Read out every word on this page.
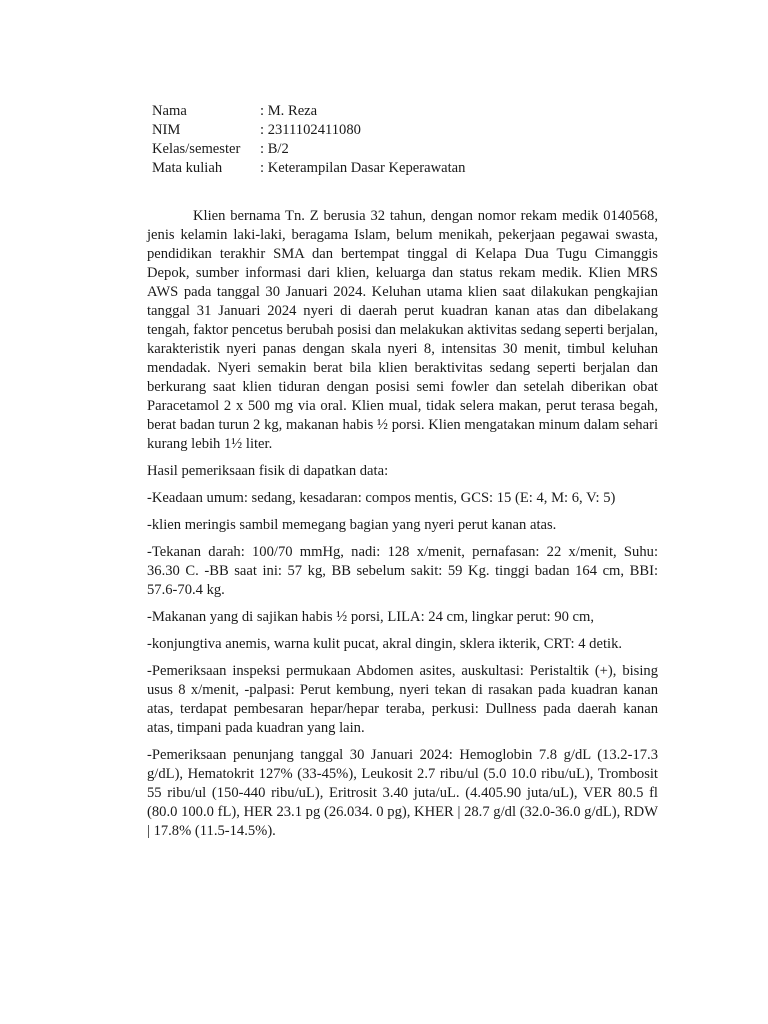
Nama	: M. Reza
NIM	: 2311102411080
Kelas/semester	: B/2
Mata kuliah	: Keterampilan Dasar Keperawatan

Klien bernama Tn. Z berusia 32 tahun, dengan nomor rekam medik 0140568, jenis kelamin laki-laki, beragama Islam, belum menikah, pekerjaan pegawai swasta, pendidikan terakhir SMA dan bertempat tinggal di Kelapa Dua Tugu Cimanggis Depok, sumber informasi dari klien, keluarga dan status rekam medik. Klien MRS AWS pada tanggal 30 Januari 2024. Keluhan utama klien saat dilakukan pengkajian tanggal 31 Januari 2024 nyeri di daerah perut kuadran kanan atas dan dibelakang tengah, faktor pencetus berubah posisi dan melakukan aktivitas sedang seperti berjalan, karakteristik nyeri panas dengan skala nyeri 8, intensitas 30 menit, timbul keluhan mendadak. Nyeri semakin berat bila klien beraktivitas sedang seperti berjalan dan berkurang saat klien tiduran dengan posisi semi fowler dan setelah diberikan obat Paracetamol 2 x 500 mg via oral. Klien mual, tidak selera makan, perut terasa begah, berat badan turun 2 kg, makanan habis ½ porsi. Klien mengatakan minum dalam sehari kurang lebih 1½ liter.

Hasil pemeriksaan fisik di dapatkan data:

-Keadaan umum: sedang, kesadaran: compos mentis, GCS: 15 (E: 4, M: 6, V: 5)

-klien meringis sambil memegang bagian yang nyeri perut kanan atas.

-Tekanan darah: 100/70 mmHg, nadi: 128 x/menit, pernafasan: 22 x/menit, Suhu: 36.30 C. -BB saat ini: 57 kg, BB sebelum sakit: 59 Kg. tinggi badan 164 cm, BBI: 57.6-70.4 kg.

-Makanan yang di sajikan habis ½ porsi, LILA: 24 cm, lingkar perut: 90 cm,

-konjungtiva anemis, warna kulit pucat, akral dingin, sklera ikterik, CRT: 4 detik.

-Pemeriksaan inspeksi permukaan Abdomen asites, auskultasi: Peristaltik (+), bising usus 8 x/menit, -palpasi: Perut kembung, nyeri tekan di rasakan pada kuadran kanan atas, terdapat pembesaran hepar/hepar teraba, perkusi: Dullness pada daerah kanan atas, timpani pada kuadran yang lain.

-Pemeriksaan penunjang tanggal 30 Januari 2024: Hemoglobin 7.8 g/dL (13.2-17.3 g/dL), Hematokrit 127% (33-45%), Leukosit 2.7 ribu/ul (5.0 10.0 ribu/uL), Trombosit 55 ribu/ul (150-440 ribu/uL), Eritrosit 3.40 juta/uL. (4.405.90 juta/uL), VER 80.5 fl (80.0 100.0 fL), HER 23.1 pg (26.034. 0 pg), KHER | 28.7 g/dl (32.0-36.0 g/dL), RDW | 17.8% (11.5-14.5%).
